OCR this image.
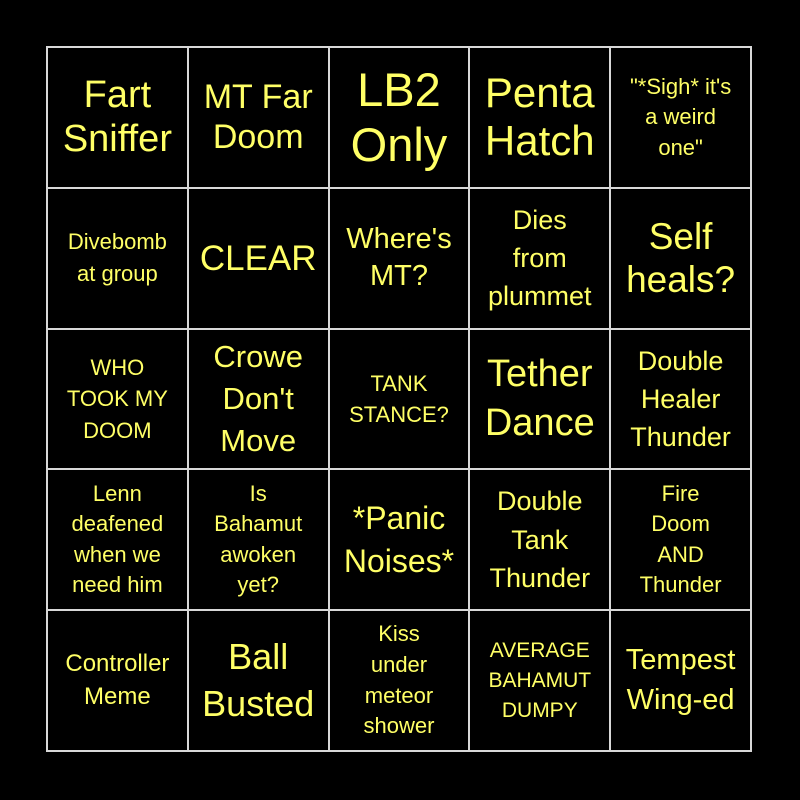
Fart
Sniffer
MT Far
Doom
LB2
Only
Penta
Hatch
"*Sigh* it's
a weird
one"
Divebomb
at group CLEAR
Where's
MT?
Dies
from
plummet
Self
heals?
WHO
TOOK MY
DOOM
Crowe
Don't
Move
TANK
STANCE?
Tether
Dance
Double
Healer
Thunder
Lenn
deafened
when we
need him
Is
Bahamut
awoken
yet?
*Panic
Noises*
Double
Tank
Thunder
Fire
Doom
AND
Thunder
Controller
Meme
Ball
Busted
Kiss
under
meteor
shower
AVERAGE
BAHAMUT
DUMPY
Tempest
Wing-ed
